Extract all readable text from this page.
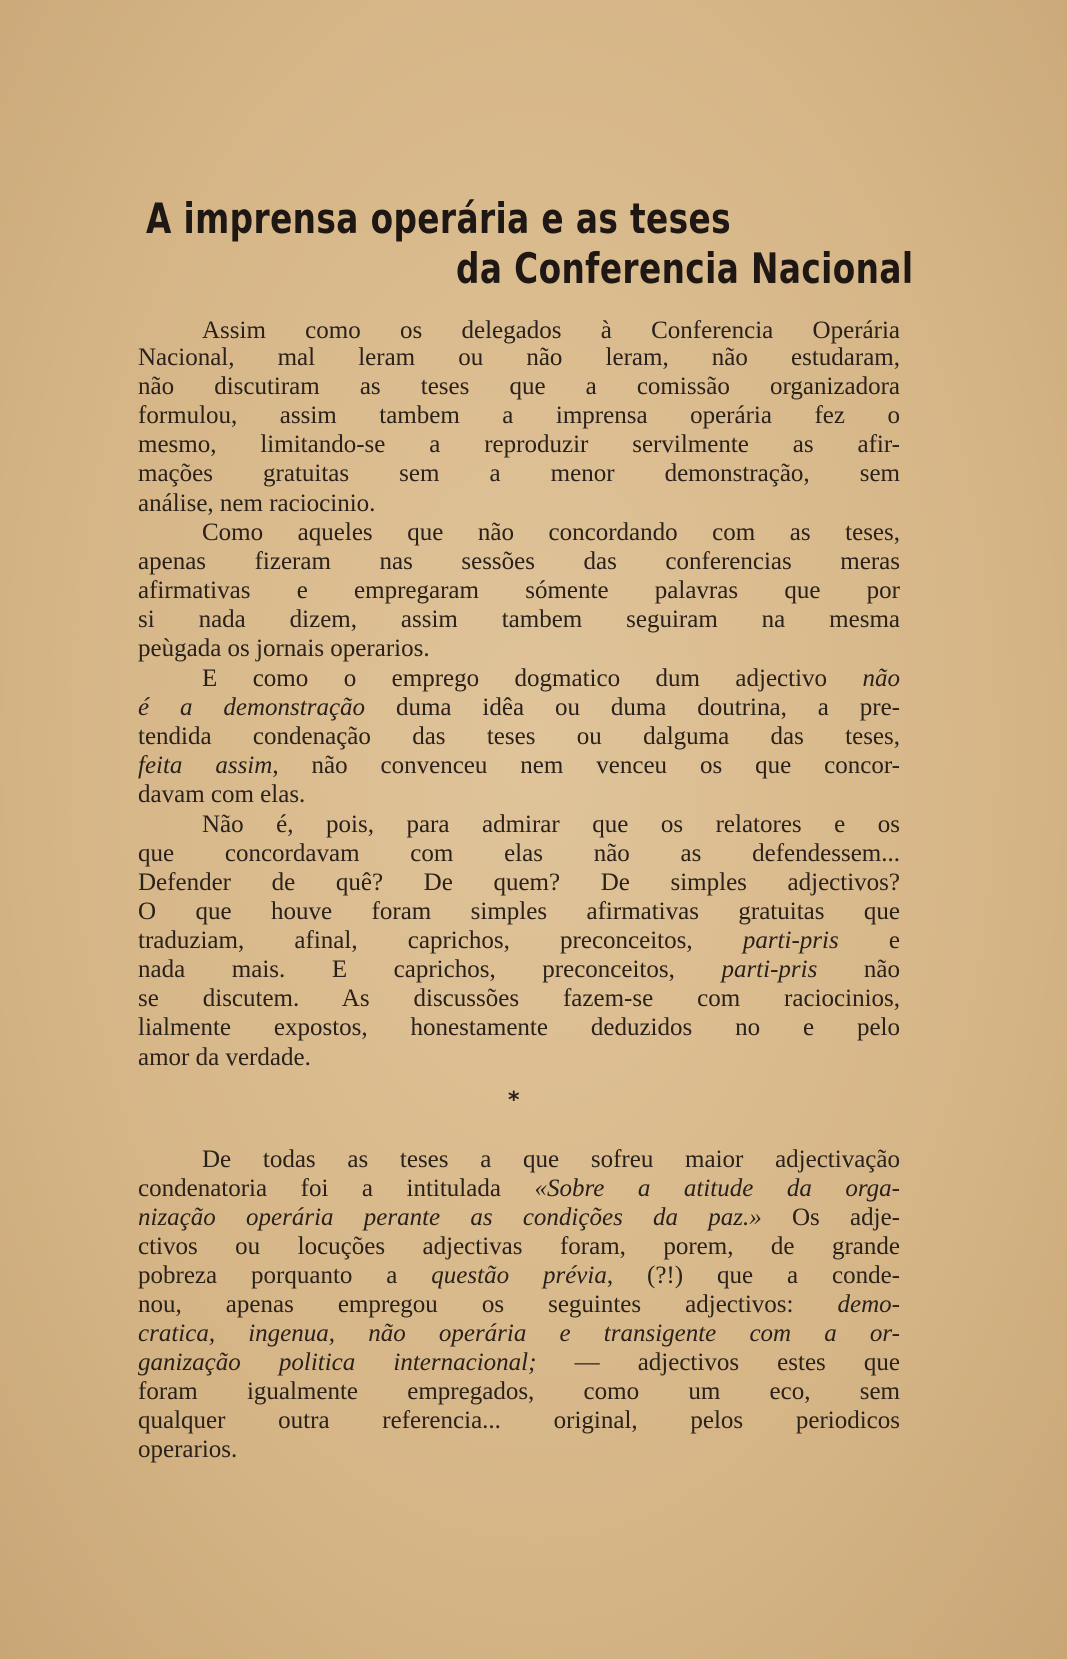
A imprensa operária e as teses
da Conferencia Nacional
*
Assim como os delegados à Conferencia Operária
Nacional, mal leram ou não leram, não estudaram,
não discutiram as teses que a comissão organizadora
formulou, assim tambem a imprensa operária fez o
mesmo, limitando-se a reproduzir servilmente as afir-
mações gratuitas sem a menor demonstração, sem
análise, nem raciocinio.
Como aqueles que não concordando com as teses,
apenas fizeram nas sessões das conferencias meras
afirmativas e empregaram sómente palavras que por
si nada dizem, assim tambem seguiram na mesma
peùgada os jornais operarios.
E como o emprego dogmatico dum adjectivo não
é a demonstração duma idêa ou duma doutrina, a pre-
tendida condenação das teses ou dalguma das teses,
feita assim, não convenceu nem venceu os que concor-
davam com elas.
Não é, pois, para admirar que os relatores e os
que concordavam com elas não as defendessem...
Defender de quê? De quem? De simples adjectivos?
O que houve foram simples afirmativas gratuitas que
traduziam, afinal, caprichos, preconceitos, parti-pris e
nada mais. E caprichos, preconceitos, parti-pris não
se discutem. As discussões fazem-se com raciocinios,
lialmente expostos, honestamente deduzidos no e pelo
amor da verdade.
De todas as teses a que sofreu maior adjectivação
condenatoria foi a intitulada «Sobre a atitude da orga-
nização operária perante as condições da paz.» Os adje-
ctivos ou locuções adjectivas foram, porem, de grande
pobreza porquanto a questão prévia, (?!) que a conde-
nou, apenas empregou os seguintes adjectivos: demo-
cratica, ingenua, não operária e transigente com a or-
ganização politica internacional; — adjectivos estes que
foram igualmente empregados, como um eco, sem
qualquer outra referencia... original, pelos periodicos
operarios.
